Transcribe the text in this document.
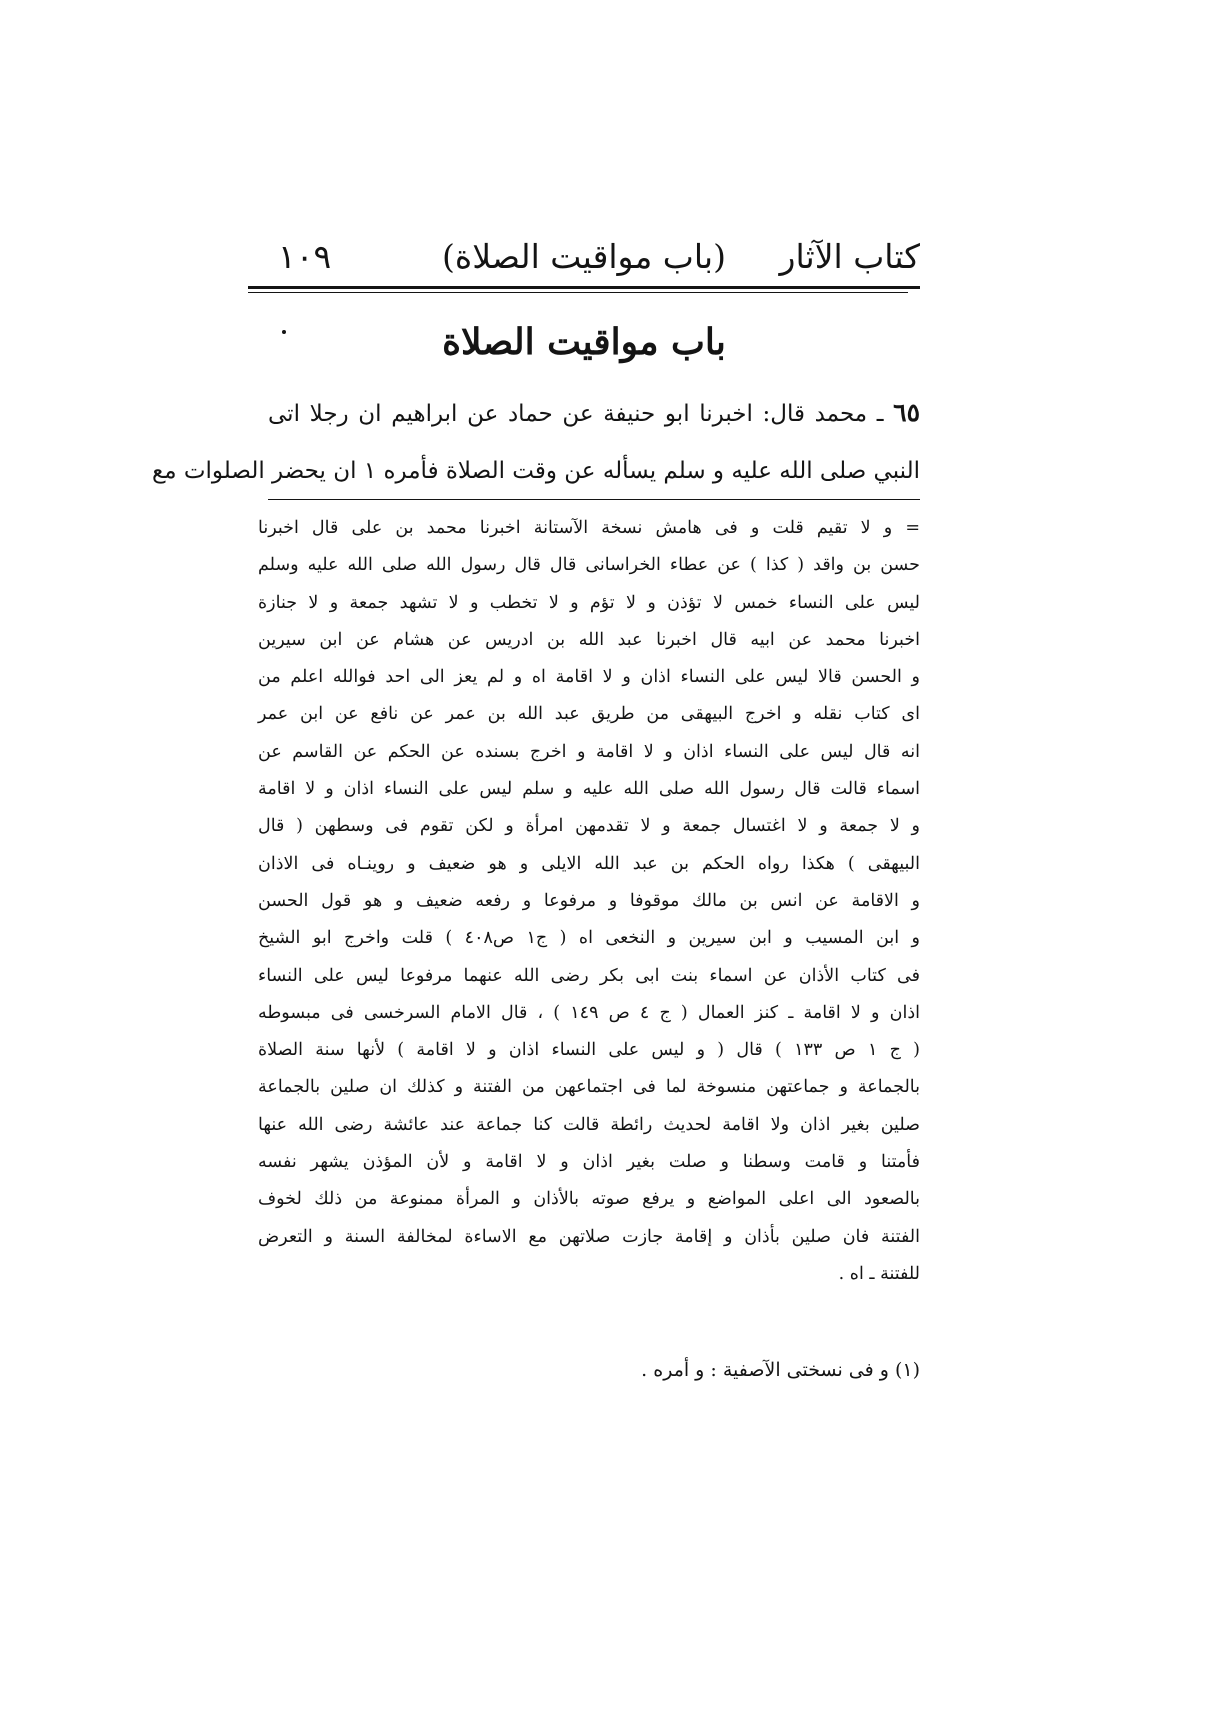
كتاب الآثار
(باب مواقيت الصلاة)
١٠٩
باب مواقيت الصلاة
٦٥ ـ محمد قال: اخبرنا ابو حنيفة عن حماد عن ابراهيم ان رجلا اتى
النبي صلى الله عليه و سلم يسأله عن وقت الصلاة فأمره ١ ان يحضر الصلوات مع
= و لا تقيم قلت و فى هامش نسخة الآستانة اخبرنا محمد بن على قال اخبرنا
حسن بن واقد ( كذا ) عن عطاء الخراسانى قال قال رسول الله صلى الله عليه وسلم
ليس على النساء خمس لا تؤذن و لا تؤم و لا تخطب و لا تشهد جمعة و لا جنازة
اخبرنا محمد عن ابيه قال اخبرنا عبد الله بن ادريس عن هشام عن ابن سيرين
و الحسن قالا ليس على النساء اذان و لا اقامة اه و لم يعز الى احد فوالله اعلم من
اى كتاب نقله و اخرج البيهقى من طريق عبد الله بن عمر عن نافع عن ابن عمر
انه قال ليس على النساء اذان و لا اقامة و اخرج بسنده عن الحكم عن القاسم عن
اسماء قالت قال رسول الله صلى الله عليه و سلم ليس على النساء اذان و لا اقامة
و لا جمعة و لا اغتسال جمعة و لا تقدمهن امرأة و لكن تقوم فى وسطهن ( قال
البيهقى ) هكذا رواه الحكم بن عبد الله الايلى و هو ضعيف و روينـاه فى الاذان
و الاقامة عن انس بن مالك موقوفا و مرفوعا و رفعه ضعيف و هو قول الحسن
و ابن المسيب و ابن سيرين و النخعى اه ( ج١ ص٤٠٨ ) قلت واخرج ابو الشيخ
فى كتاب الأذان عن اسماء بنت ابى بكر رضى الله عنهما مرفوعا ليس على النساء
اذان و لا اقامة ـ كنز العمال ( ج ٤ ص ١٤٩ ) ، قال الامام السرخسى فى مبسوطه
( ج ١ ص ١٣٣ ) قال ( و ليس على النساء اذان و لا اقامة ) لأنها سنة الصلاة
بالجماعة و جماعتهن منسوخة لما فى اجتماعهن من الفتنة و كذلك ان صلين بالجماعة
صلين بغير اذان ولا اقامة لحديث رائطة قالت كنا جماعة عند عائشة رضى الله عنها
فأمتنا و قامت وسطنا و صلت بغير اذان و لا اقامة و لأن المؤذن يشهر نفسه
بالصعود الى اعلى المواضع و يرفع صوته بالأذان و المرأة ممنوعة من ذلك لخوف
الفتنة فان صلين بأذان و إقامة جازت صلاتهن مع الاساءة لمخالفة السنة و التعرض
للفتنة ـ اه .
(١) و فى نسختى الآصفية : و أمره .
